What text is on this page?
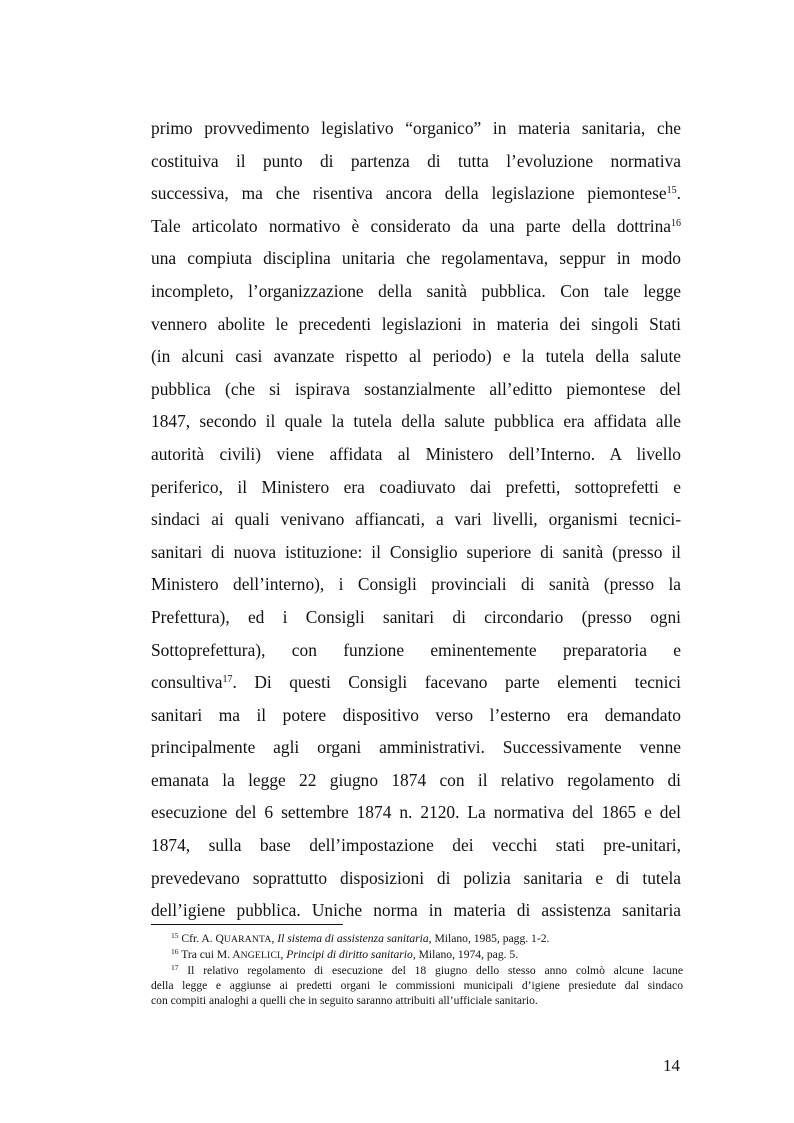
primo provvedimento legislativo “organico” in materia sanitaria, che
costituiva il punto di partenza di tutta l’evoluzione normativa
successiva, ma che risentiva ancora della legislazione piemontese$^{15}$.
Tale articolato normativo è considerato da una parte della dottrina$^{16}$
una compiuta disciplina unitaria che regolamentava, seppur in modo
incompleto, l’organizzazione della sanità pubblica. Con tale legge
vennero abolite le precedenti legislazioni in materia dei singoli Stati
(in alcuni casi avanzate rispetto al periodo) e la tutela della salute
pubblica (che si ispirava sostanzialmente all’editto piemontese del
1847, secondo il quale la tutela della salute pubblica era affidata alle
autorità civili) viene affidata al Ministero dell’Interno. A livello
periferico, il Ministero era coadiuvato dai prefetti, sottoprefetti e
sindaci ai quali venivano affiancati, a vari livelli, organismi tecnici-
sanitari di nuova istituzione: il Consiglio superiore di sanità (presso il
Ministero dell’interno), i Consigli provinciali di sanità (presso la
Prefettura), ed i Consigli sanitari di circondario (presso ogni
Sottoprefettura), con funzione eminentemente preparatoria e
consultiva$^{17}$. Di questi Consigli facevano parte elementi tecnici
sanitari ma il potere dispositivo verso l’esterno era demandato
principalmente agli organi amministrativi. Successivamente venne
emanata la legge 22 giugno 1874 con il relativo regolamento di
esecuzione del 6 settembre 1874 n. 2120. La normativa del 1865 e del
1874, sulla base dell’impostazione dei vecchi stati pre-unitari,
prevedevano soprattutto disposizioni di polizia sanitaria e di tutela
dell’igiene pubblica. Uniche norma in materia di assistenza sanitaria
$^{15}$ Cfr. A. QUARANTA, Il sistema di assistenza sanitaria, Milano, 1985, pagg. 1-2.
$^{16}$ Tra cui M. ANGELICI, Principi di diritto sanitario, Milano, 1974, pag. 5.
$^{17}$ Il relativo regolamento di esecuzione del 18 giugno dello stesso anno colmò alcune lacune
della legge e aggiunse ai predetti organi le commissioni municipali d’igiene presiedute dal sindaco
con compiti analoghi a quelli che in seguito saranno attribuiti all’ufficiale sanitario.
14
